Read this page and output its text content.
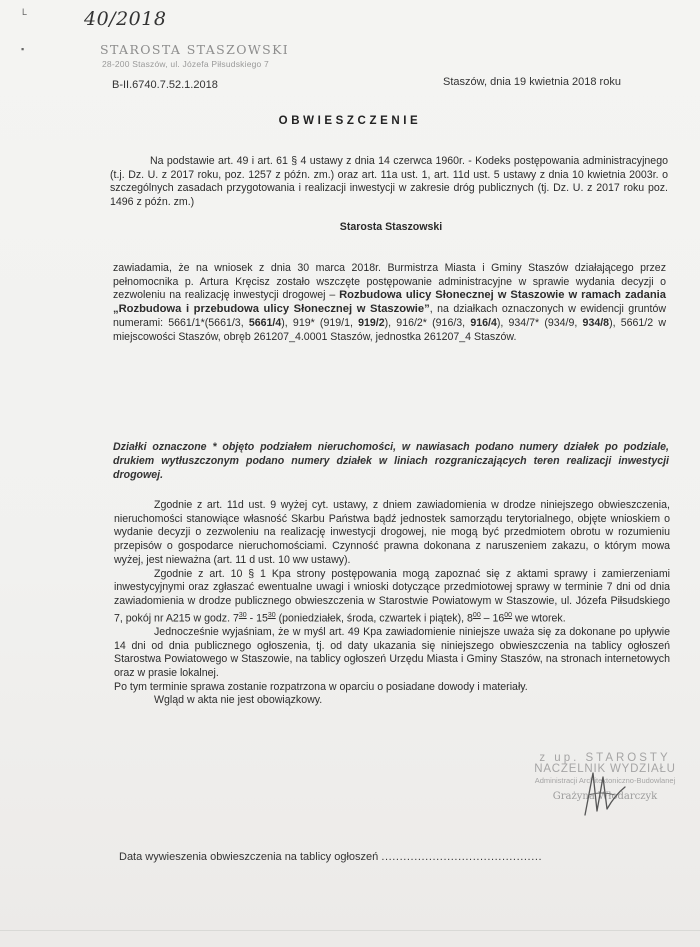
L
▪
40/2018
STAROSTA STASZOWSKI
28-200 Staszów, ul. Józefa Piłsudskiego 7
B-II.6740.7.52.1.2018	Staszów, dnia 19 kwietnia 2018 roku
OBWIESZCZENIE
Na podstawie art. 49 i art. 61 § 4 ustawy z dnia 14 czerwca 1960r. - Kodeks postępowania administracyjnego (t.j. Dz. U. z 2017 roku, poz. 1257 z późn. zm.) oraz art. 11a ust. 1, art. 11d ust. 5 ustawy z dnia 10 kwietnia 2003r. o szczególnych zasadach przygotowania i realizacji inwestycji w zakresie dróg publicznych (tj. Dz. U. z 2017 roku poz. 1496 z późn. zm.)
Starosta Staszowski
zawiadamia, że na wniosek z dnia 30 marca 2018r. Burmistrza Miasta i Gminy Staszów działającego przez pełnomocnika p. Artura Kręcisz zostało wszczęte postępowanie administracyjne w sprawie wydania decyzji o zezwoleniu na realizację inwestycji drogowej – Rozbudowa ulicy Słonecznej w Staszowie w ramach zadania „Rozbudowa i przebudowa ulicy Słonecznej w Staszowie”, na działkach oznaczonych w ewidencji gruntów numerami: 5661/1*(5661/3, 5661/4), 919* (919/1, 919/2), 916/2* (916/3, 916/4), 934/7* (934/9, 934/8), 5661/2 w miejscowości Staszów, obręb 261207_4.0001 Staszów, jednostka 261207_4 Staszów.
Działki oznaczone * objęto podziałem nieruchomości, w nawiasach podano numery działek po podziale, drukiem wytłuszczonym podano numery działek w liniach rozgraniczających teren realizacji inwestycji drogowej.

Zgodnie z art. 11d ust. 9 wyżej cyt. ustawy, z dniem zawiadomienia w drodze niniejszego obwieszczenia, nieruchomości stanowiące własność Skarbu Państwa bądź jednostek samorządu terytorialnego, objęte wnioskiem o wydanie decyzji o zezwoleniu na realizację inwestycji drogowej, nie mogą być przedmiotem obrotu w rozumieniu przepisów o gospodarce nieruchomościami. Czynność prawna dokonana z naruszeniem zakazu, o którym mowa wyżej, jest nieważna (art. 11 d ust. 10 ww ustawy).

Zgodnie z art. 10 § 1 Kpa strony postępowania mogą zapoznać się z aktami sprawy i zamierzeniami inwestycyjnymi oraz zgłaszać ewentualne uwagi i wnioski dotyczące przedmiotowej sprawy w terminie 7 dni od dnia zawiadomienia w drodze publicznego obwieszczenia w Starostwie Powiatowym w Staszowie, ul. Józefa Piłsudskiego 7, pokój nr A215 w godz. $7^{30} - 15^{30}$ (poniedziałek, środa, czwartek i piątek), $8^{00} - 16^{00}$ we wtorek.

Jednocześnie wyjaśniam, że w myśl art. 49 Kpa zawiadomienie niniejsze uważa się za dokonane po upływie 14 dni od dnia publicznego ogłoszenia, tj. od daty ukazania się niniejszego obwieszczenia na tablicy ogłoszeń Starostwa Powiatowego w Staszowie, na tablicy ogłoszeń Urzędu Miasta i Gminy Staszów, na stronach internetowych oraz w prasie lokalnej.

Po tym terminie sprawa zostanie rozpatrzona w oparciu o posiadane dowody i materiały.

Wgląd w akta nie jest obowiązkowy.

z up. STAROSTY
NACZELNIK WYDZIAŁU
Administracji Architektoniczno-Budowlanej
Grażyna Włodarczyk
Data wywieszenia obwieszczenia na tablicy ogłoszeń ............................................
